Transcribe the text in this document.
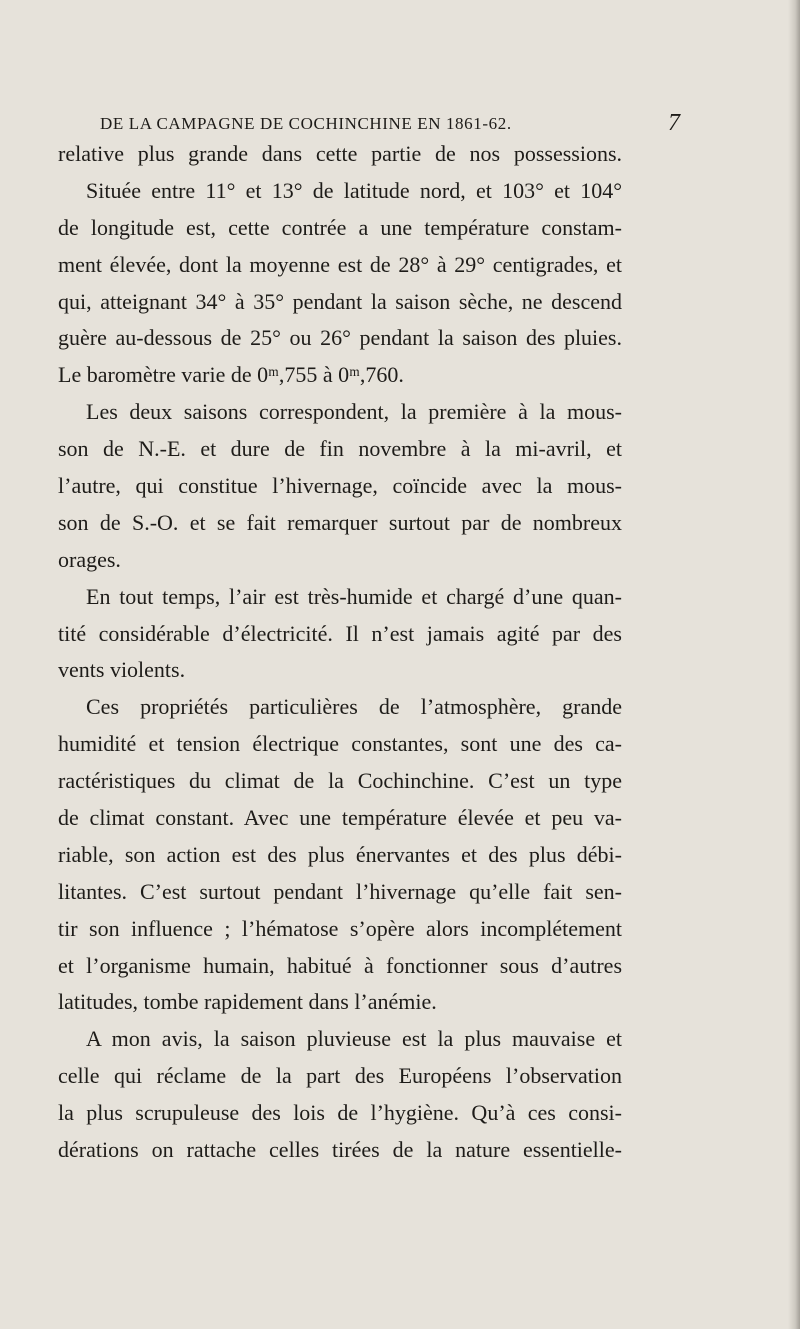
DE LA CAMPAGNE DE COCHINCHINE EN 1861-62.	7
relative plus grande dans cette partie de nos possessions.
Située entre 11° et 13° de latitude nord, et 103° et 104°
de longitude est, cette contrée a une température constam-
ment élevée, dont la moyenne est de 28° à 29° centigrades, et
qui, atteignant 34° à 35° pendant la saison sèche, ne descend
guère au-dessous de 25° ou 26° pendant la saison des pluies.
Le baromètre varie de 0ᵐ,755 à 0ᵐ,760.
Les deux saisons correspondent, la première à la mous-
son de N.-E. et dure de fin novembre à la mi-avril, et
l’autre, qui constitue l’hivernage, coïncide avec la mous-
son de S.-O. et se fait remarquer surtout par de nombreux
orages.
En tout temps, l’air est très-humide et chargé d’une quan-
tité considérable d’électricité. Il n’est jamais agité par des
vents violents.
Ces propriétés particulières de l’atmosphère, grande
humidité et tension électrique constantes, sont une des ca-
ractéristiques du climat de la Cochinchine. C’est un type
de climat constant. Avec une température élevée et peu va-
riable, son action est des plus énervantes et des plus débi-
litantes. C’est surtout pendant l’hivernage qu’elle fait sen-
tir son influence ; l’hématose s’opère alors incomplétement
et l’organisme humain, habitué à fonctionner sous d’autres
latitudes, tombe rapidement dans l’anémie.
A mon avis, la saison pluvieuse est la plus mauvaise et
celle qui réclame de la part des Européens l’observation
la plus scrupuleuse des lois de l’hygiène. Qu’à ces consi-
dérations on rattache celles tirées de la nature essentielle-
